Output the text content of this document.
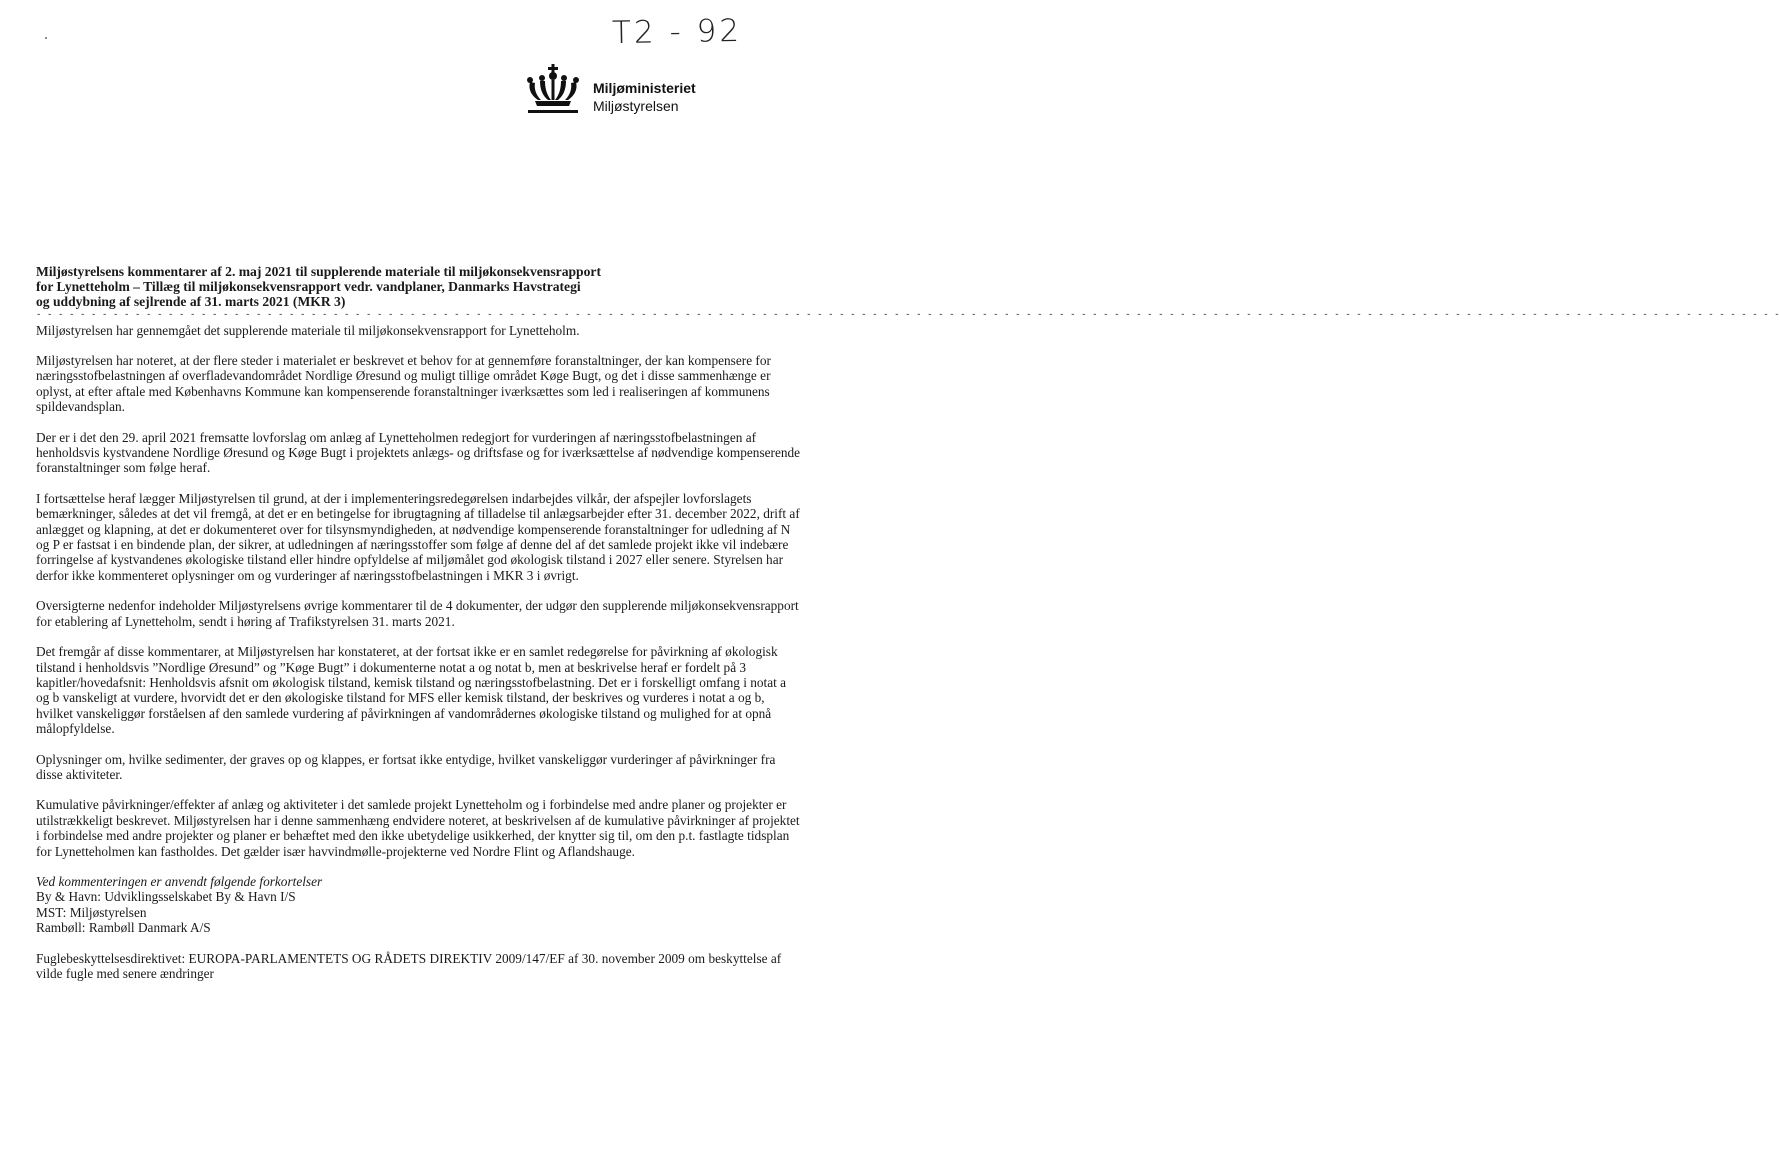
T2 - 92
Miljøministeriet
Miljøstyrelsen
Miljøstyrelsens kommentarer af 2. maj 2021 til supplerende materiale til miljøkonsekvensrapport
for Lynetteholm – Tillæg til miljøkonsekvensrapport vedr. vandplaner, Danmarks Havstrategi
og uddybning af sejlrende af 31. marts 2021 (MKR 3)
- - - - - - - - - - - - - - - - - - - - - - - - - - - - - - - - - - - - - - - - - - - - - - - - - - - - - - - - - - - - - - - - - - - - - - - - - - - - - - - - - - - - - - - - - - - - - - - - - - - - - - - - - - - - - - - - - - - - - - - - - - - - - - - - - - - - - - - - - - - - - - - - - - - - - - - - - - - - - - -

Miljøstyrelsen har gennemgået det supplerende materiale til miljøkonsekvensrapport for Lynetteholm.

Miljøstyrelsen har noteret, at der flere steder i materialet er beskrevet et behov for at gennemføre foranstaltninger, der kan kompensere for næringsstofbelastningen af overfladevandområdet Nordlige Øresund og muligt tillige området Køge Bugt, og det i disse sammenhænge er oplyst, at efter aftale med Københavns Kommune kan kompenserende foranstaltninger iværksættes som led i realiseringen af kommunens spildevandsplan.

Der er i det den 29. april 2021 fremsatte lovforslag om anlæg af Lynetteholmen redegjort for vurderingen af næringsstofbelastningen af henholdsvis kystvandene Nordlige Øresund og Køge Bugt i projektets anlægs- og driftsfase og for iværksættelse af nødvendige kompenserende foranstaltninger som følge heraf.

I fortsættelse heraf lægger Miljøstyrelsen til grund, at der i implementeringsredegørelsen indarbejdes vilkår, der afspejler lovforslagets bemærkninger, således at det vil fremgå, at det er en betingelse for ibrugtagning af tilladelse til anlægsarbejder efter 31. december 2022, drift af anlægget og klapning, at det er dokumenteret over for tilsynsmyndigheden, at nødvendige kompenserende foranstaltninger for udledning af N og P er fastsat i en bindende plan, der sikrer, at udledningen af næringsstoffer som følge af denne del af det samlede projekt ikke vil indebære forringelse af kystvandenes økologiske tilstand eller hindre opfyldelse af miljømålet god økologisk tilstand i 2027 eller senere. Styrelsen har derfor ikke kommenteret oplysninger om og vurderinger af næringsstofbelastningen i MKR 3 i øvrigt.

Oversigterne nedenfor indeholder Miljøstyrelsens øvrige kommentarer til de 4 dokumenter, der udgør den supplerende miljøkonsekvensrapport for etablering af Lynetteholm, sendt i høring af Trafikstyrelsen 31. marts 2021.

Det fremgår af disse kommentarer, at Miljøstyrelsen har konstateret, at der fortsat ikke er en samlet redegørelse for påvirkning af økologisk tilstand i henholdsvis ”Nordlige Øresund” og ”Køge Bugt” i dokumenterne notat a og notat b, men at beskrivelse heraf er fordelt på 3 kapitler/hovedafsnit: Henholdsvis afsnit om økologisk tilstand, kemisk tilstand og næringsstofbelastning. Det er i forskelligt omfang i notat a og b vanskeligt at vurdere, hvorvidt det er den økologiske tilstand for MFS eller kemisk tilstand, der beskrives og vurderes i notat a og b, hvilket vanskeliggør forståelsen af den samlede vurdering af påvirkningen af vandområdernes økologiske tilstand og mulighed for at opnå målopfyldelse.

Oplysninger om, hvilke sedimenter, der graves op og klappes, er fortsat ikke entydige, hvilket vanskeliggør vurderinger af påvirkninger fra disse aktiviteter.

Kumulative påvirkninger/effekter af anlæg og aktiviteter i det samlede projekt Lynetteholm og i forbindelse med andre planer og projekter er utilstrækkeligt beskrevet. Miljøstyrelsen har i denne sammenhæng endvidere noteret, at beskrivelsen af de kumulative påvirkninger af projektet i forbindelse med andre projekter og planer er behæftet med den ikke ubetydelige usikkerhed, der knytter sig til, om den p.t. fastlagte tidsplan for Lynetteholmen kan fastholdes. Det gælder især havvindmølle-projekterne ved Nordre Flint og Aflandshauge.

Ved kommenteringen er anvendt følgende forkortelser
By & Havn: Udviklingsselskabet By & Havn I/S
MST: Miljøstyrelsen
Rambøll: Rambøll Danmark A/S

Fuglebeskyttelsesdirektivet: EUROPA-PARLAMENTETS OG RÅDETS DIREKTIV 2009/147/EF af 30. november 2009 om beskyttelse af vilde fugle med senere ændringer
